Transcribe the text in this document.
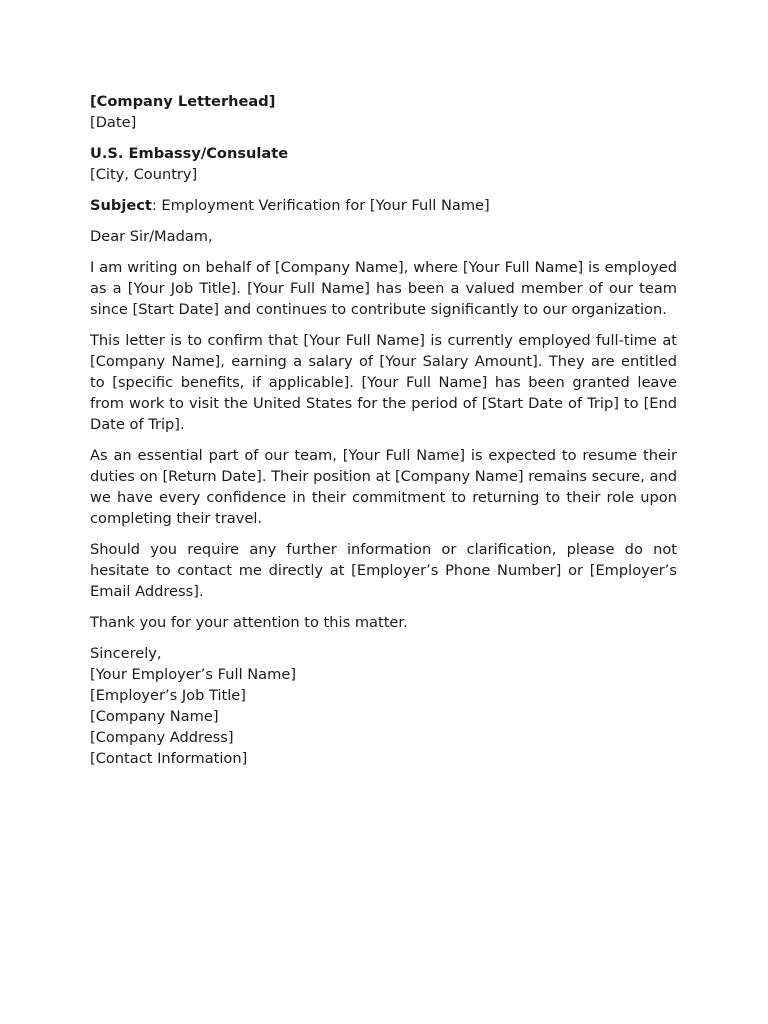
[Company Letterhead]
[Date]
U.S. Embassy/Consulate
[City, Country]
Subject: Employment Verification for [Your Full Name]
Dear Sir/Madam,

I am writing on behalf of [Company Name], where [Your Full Name] is employed as a [Your Job Title]. [Your Full Name] has been a valued member of our team since [Start Date] and continues to contribute significantly to our organization.

This letter is to confirm that [Your Full Name] is currently employed full-time at [Company Name], earning a salary of [Your Salary Amount]. They are entitled to [specific benefits, if applicable]. [Your Full Name] has been granted leave from work to visit the United States for the period of [Start Date of Trip] to [End Date of Trip].

As an essential part of our team, [Your Full Name] is expected to resume their duties on [Return Date]. Their position at [Company Name] remains secure, and we have every confidence in their commitment to returning to their role upon completing their travel.

Should you require any further information or clarification, please do not hesitate to contact me directly at [Employer’s Phone Number] or [Employer’s Email Address].

Thank you for your attention to this matter.

Sincerely,
[Your Employer’s Full Name]
[Employer’s Job Title]
[Company Name]
[Company Address]
[Contact Information]
